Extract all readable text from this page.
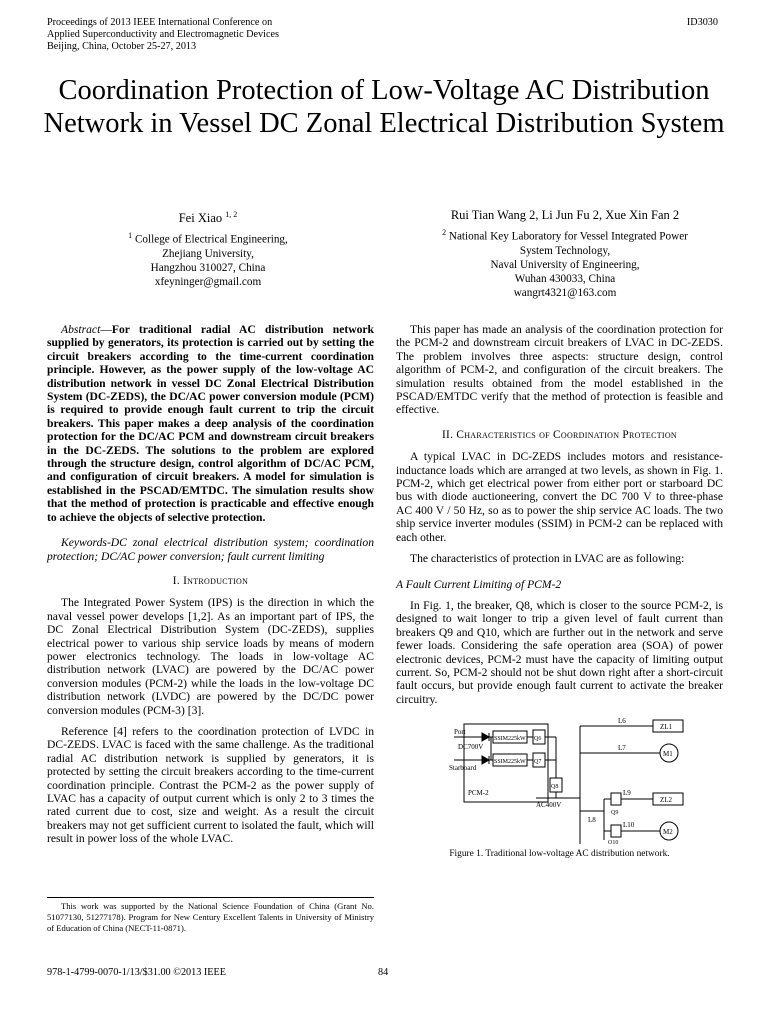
Proceedings of 2013 IEEE International Conference on
Applied Superconductivity and Electromagnetic Devices
Beijing, China, October 25-27, 2013
ID3030
Coordination Protection of Low-Voltage AC Distribution Network in Vessel DC Zonal Electrical Distribution System
Fei Xiao $^{1, 2}$
$^1$ College of Electrical Engineering,
Zhejiang University,
Hangzhou 310027, China
xfeyninger@gmail.com
Rui Tian Wang 2, Li Jun Fu 2, Xue Xin Fan 2
$^2$ National Key Laboratory for Vessel Integrated Power
System Technology,
Naval University of Engineering,
Wuhan 430033, China
wangrt4321@163.com

Abstract—For traditional radial AC distribution network supplied by generators, its protection is carried out by setting the circuit breakers according to the time-current coordination principle. However, as the power supply of the low-voltage AC distribution network in vessel DC Zonal Electrical Distribution System (DC-ZEDS), the DC/AC power conversion module (PCM) is required to provide enough fault current to trip the circuit breakers. This paper makes a deep analysis of the coordination protection for the DC/AC PCM and downstream circuit breakers in the DC-ZEDS. The solutions to the problem are explored through the structure design, control algorithm of DC/AC PCM, and configuration of circuit breakers. A model for simulation is established in the PSCAD/EMTDC. The simulation results show that the method of protection is practicable and effective enough to achieve the objects of selective protection.

Keywords-DC zonal electrical distribution system; coordination protection; DC/AC power conversion; fault current limiting

I. Introduction

The Integrated Power System (IPS) is the direction in which the naval vessel power develops [1,2]. As an important part of IPS, the DC Zonal Electrical Distribution System (DC-ZEDS), supplies electrical power to various ship service loads by means of modern power electronics technology. The loads in low-voltage AC distribution network (LVAC) are powered by the DC/AC power conversion modules (PCM-2) while the loads in the low-voltage DC distribution network (LVDC) are powered by the DC/DC power conversion modules (PCM-3) [3].

Reference [4] refers to the coordination protection of LVDC in DC-ZEDS. LVAC is faced with the same challenge. As the traditional radial AC distribution network is supplied by generators, it is protected by setting the circuit breakers according to the time-current coordination principle. Contrast the PCM-2 as the power supply of LVAC has a capacity of output current which is only 2 to 3 times the rated current due to cost, size and weight. As a result the circuit breakers may not get sufficient current to isolated the fault, which will result in power loss of the whole LVAC.

This paper has made an analysis of the coordination protection for the PCM-2 and downstream circuit breakers of LVAC in DC-ZEDS. The problem involves three aspects: structure design, control algorithm of PCM-2, and configuration of the circuit breakers. The simulation results obtained from the model established in the PSCAD/EMTDC verify that the method of protection is feasible and effective.

II. Characteristics of Coordination Protection

A typical LVAC in DC-ZEDS includes motors and resistance-inductance loads which are arranged at two levels, as shown in Fig. 1. PCM-2, which get electrical power from either port or starboard DC bus with diode auctioneering, convert the DC 700 V to three-phase AC 400 V / 50 Hz, so as to power the ship service AC loads. The two ship service inverter modules (SSIM) in PCM-2 can be replaced with each other.

The characteristics of protection in LVAC are as following:

A Fault Current Limiting of PCM-2

In Fig. 1, the breaker, Q8, which is closer to the source PCM-2, is designed to wait longer to trip a given level of fault current than breakers Q9 and Q10, which are further out in the network and serve fewer loads. Considering the safe operation area (SOA) of power electronic devices, PCM-2 must have the capacity of limiting output current. So, PCM-2 should not be shut down right after a short-circuit fault occurs, but provide enough fault current to activate the breaker circuitry.

Port
DC700V
Starboard
SSIM225kW
SSIM225kW
Q6
Q7
Q8
PCM-2
AC400V
L6
L7
L8
L9
L10
Q9
Q10
ZL1
M1
ZL2
M2
Figure 1. Traditional low-voltage AC distribution network.
This work was supported by the National Science Foundation of China (Grant No. 51077130, 51277178). Program for New Century Excellent Talents in University of Ministry of Education of China (NECT-11-0871).
978-1-4799-0070-1/13/$31.00 ©2013 IEEE	84
